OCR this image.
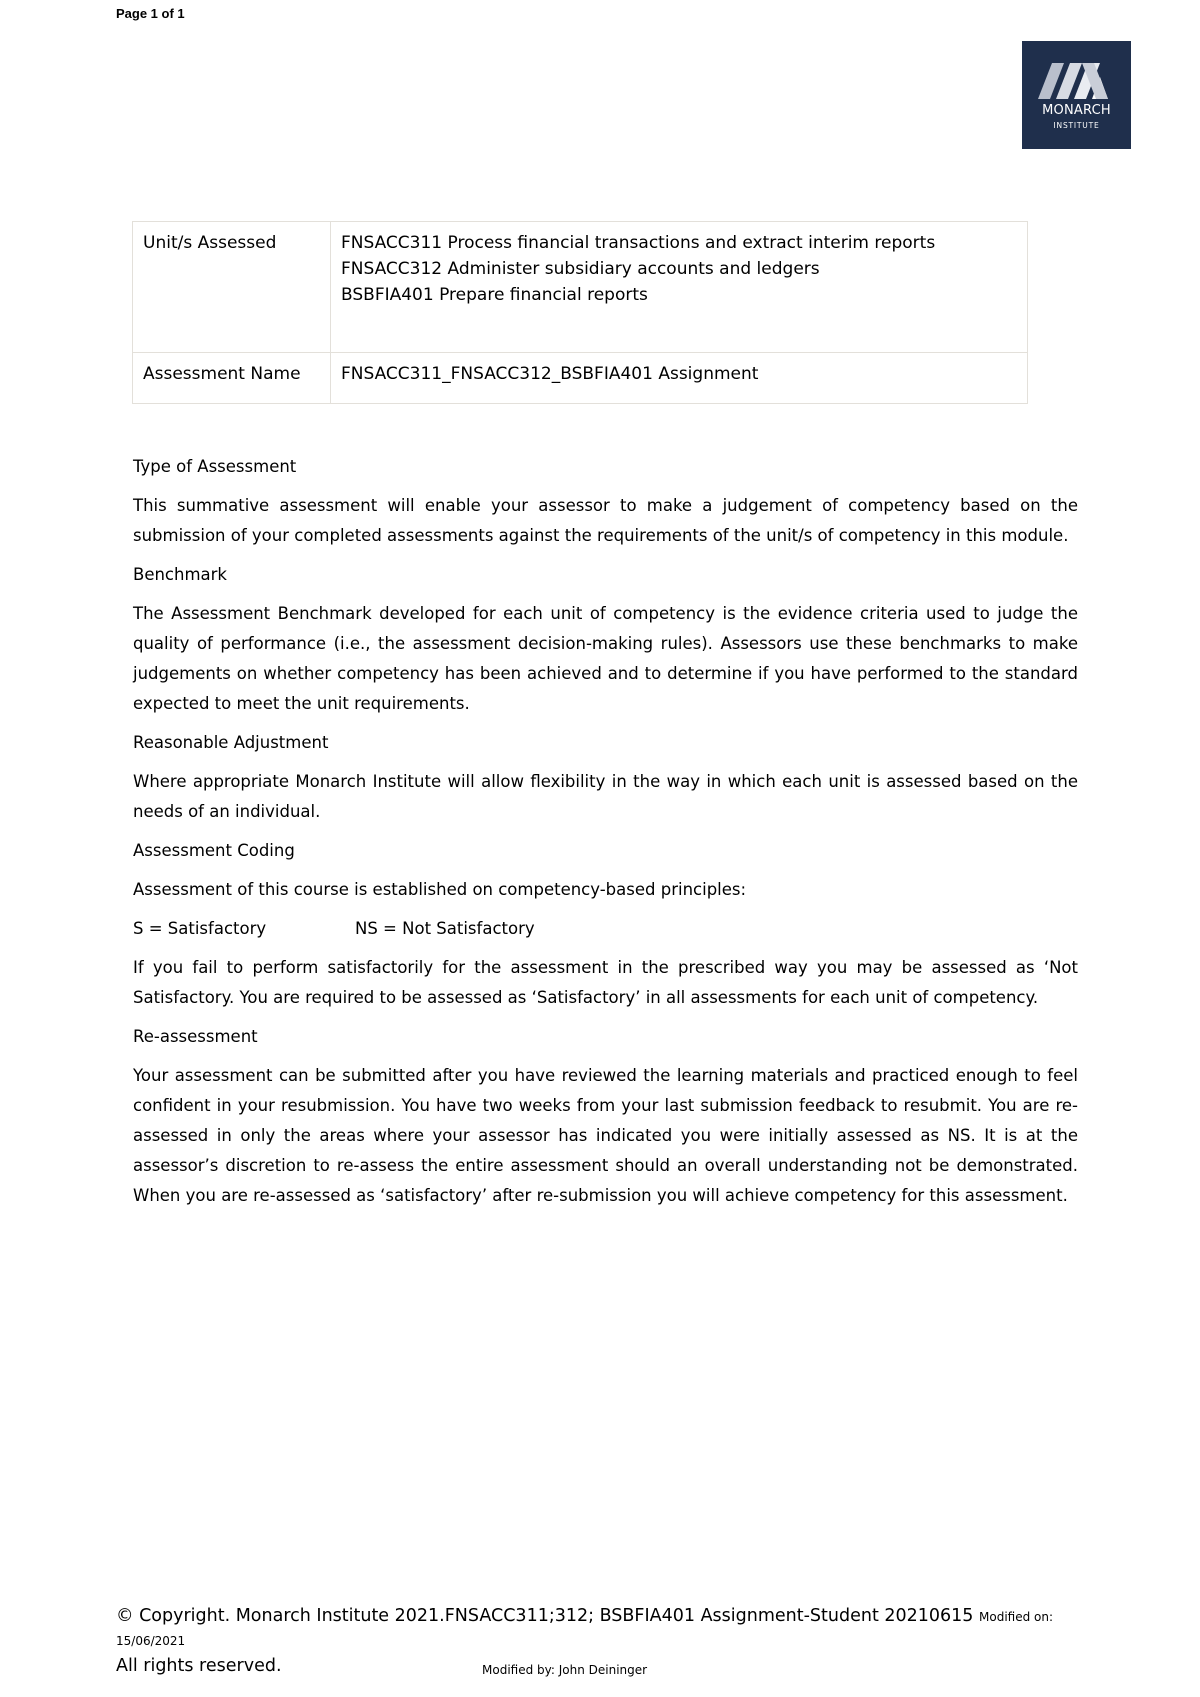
Page 1 of 1
MONARCH
INSTITUTE
Unit/s Assessed	FNSACC311 Process financial transactions and extract interim reports
FNSACC312 Administer subsidiary accounts and ledgers
BSBFIA401 Prepare financial reports

Assessment Name	FNSACC311_FNSACC312_BSBFIA401 Assignment
Type of Assessment

This summative assessment will enable your assessor to make a judgement of competency based on the submission of your completed assessments against the requirements of the unit/s of competency in this module.

Benchmark

The Assessment Benchmark developed for each unit of competency is the evidence criteria used to judge the quality of performance (i.e., the assessment decision-making rules). Assessors use these benchmarks to make judgements on whether competency has been achieved and to determine if you have performed to the standard expected to meet the unit requirements.

Reasonable Adjustment

Where appropriate Monarch Institute will allow flexibility in the way in which each unit is assessed based on the needs of an individual.

Assessment Coding

Assessment of this course is established on competency-based principles:

S = Satisfactory	NS = Not Satisfactory

If you fail to perform satisfactorily for the assessment in the prescribed way you may be assessed as ‘Not Satisfactory. You are required to be assessed as ‘Satisfactory’ in all assessments for each unit of competency.

Re-assessment

Your assessment can be submitted after you have reviewed the learning materials and practiced enough to feel confident in your resubmission. You have two weeks from your last submission feedback to resubmit. You are re-assessed in only the areas where your assessor has indicated you were initially assessed as NS. It is at the assessor’s discretion to re-assess the entire assessment should an overall understanding not be demonstrated. When you are re-assessed as ‘satisfactory’ after re-submission you will achieve competency for this assessment.

© Copyright. Monarch Institute 2021.FNSACC311;312; BSBFIA401 Assignment-Student 20210615 Modified on:
15/06/2021
All rights reserved.	Modified by: John Deininger
